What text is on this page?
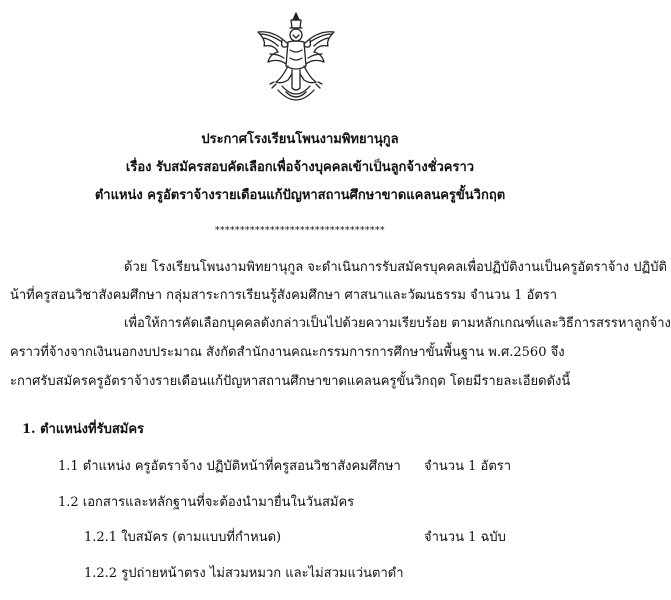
ประกาศโรงเรียนโพนงามพิทยานุกูล
เรื่อง รับสมัครสอบคัดเลือกเพื่อจ้างบุคคลเข้าเป็นลูกจ้างชั่วคราว
ตำแหน่ง ครูอัตราจ้างรายเดือนแก้ปัญหาสถานศึกษาขาดแคลนครูขั้นวิกฤต
**********************************
ด้วย โรงเรียนโพนงามพิทยานุกูล จะดำเนินการรับสมัครบุคคลเพื่อปฏิบัติงานเป็นครูอัตราจ้าง ปฏิบัติ
น้าที่ครูสอนวิชาสังคมศึกษา กลุ่มสาระการเรียนรู้สังคมศึกษา ศาสนาและวัฒนธรรม จำนวน 1 อัตรา
เพื่อให้การคัดเลือกบุคคลดังกล่าวเป็นไปด้วยความเรียบร้อย ตามหลักเกณฑ์และวิธีการสรรหาลูกจ้าง
คราวที่จ้างจากเงินนอกงบประมาณ สังกัดสำนักงานคณะกรรมการการศึกษาขั้นพื้นฐาน พ.ศ.2560 จึง
ะกาศรับสมัครครูอัตราจ้างรายเดือนแก้ปัญหาสถานศึกษาขาดแคลนครูขั้นวิกฤต โดยมีรายละเอียดดังนี้
1. ตำแหน่งที่รับสมัคร
1.1 ตำแหน่ง ครูอัตราจ้าง ปฏิบัติหน้าที่ครูสอนวิชาสังคมศึกษา จำนวน 1 อัตรา
1.2 เอกสารและหลักฐานที่จะต้องนำมายื่นในวันสมัคร
1.2.1 ใบสมัคร (ตามแบบที่กำหนด)	จำนวน 1 ฉบับ
1.2.2 รูปถ่ายหน้าตรง ไม่สวมหมวก และไม่สวมแว่นตาดำ
